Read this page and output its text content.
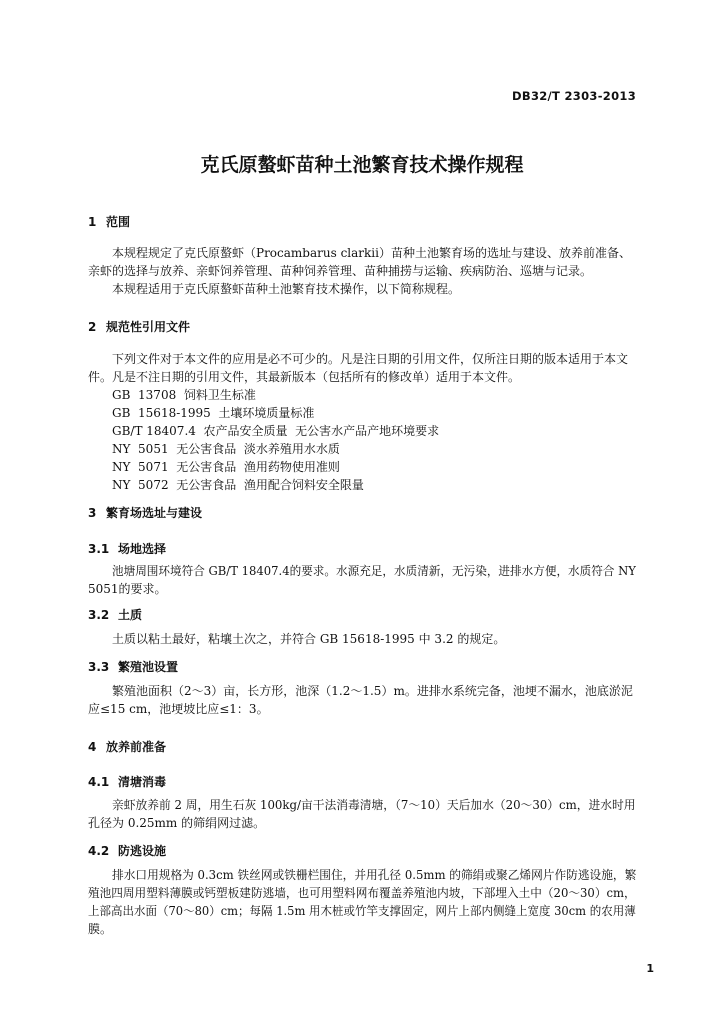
DB32/T 2303-2013
克氏原螯虾苗种土池繁育技术操作规程
1 范围
本规程规定了克氏原螯虾（Procambarus clarkii）苗种土池繁育场的选址与建设、放养前准备、
亲虾的选择与放养、亲虾饲养管理、苗种饲养管理、苗种捕捞与运输、疾病防治、巡塘与记录。
本规程适用于克氏原螯虾苗种土池繁育技术操作，以下简称规程。
2 规范性引用文件
下列文件对于本文件的应用是必不可少的。凡是注日期的引用文件，仅所注日期的版本适用于本文
件。凡是不注日期的引用文件，其最新版本（包括所有的修改单）适用于本文件。
GB  13708  饲料卫生标准
GB  15618-1995  土壤环境质量标准
GB/T 18407.4  农产品安全质量  无公害水产品产地环境要求
NY  5051  无公害食品  淡水养殖用水水质
NY  5071  无公害食品  渔用药物使用准则
NY  5072  无公害食品  渔用配合饲料安全限量
3 繁育场选址与建设
3.1 场地选择
池塘周围环境符合 GB/T 18407.4的要求。水源充足，水质清新，无污染，进排水方便，水质符合 NY
5051的要求。
3.2 土质
土质以粘土最好，粘壤土次之，并符合 GB 15618-1995 中 3.2 的规定。
3.3 繁殖池设置
繁殖池面积（2～3）亩，长方形，池深（1.2～1.5）m。进排水系统完备，池埂不漏水，池底淤泥
应≤15 cm，池埂坡比应≤1：3。
4 放养前准备
4.1 清塘消毒
亲虾放养前 2 周，用生石灰 100kg/亩干法消毒清塘，（7～10）天后加水（20～30）cm，进水时用
孔径为 0.25mm 的筛绢网过滤。
4.2 防逃设施
排水口用规格为 0.3cm 铁丝网或铁栅栏围住，并用孔径 0.5mm 的筛绢或聚乙烯网片作防逃设施，繁
殖池四周用塑料薄膜或钙塑板建防逃墙，也可用塑料网布覆盖养殖池内坡，下部埋入土中（20～30）cm，
上部高出水面（70～80）cm；每隔 1.5m 用木桩或竹竿支撑固定，网片上部内侧缝上宽度 30cm 的农用薄
膜。
1
